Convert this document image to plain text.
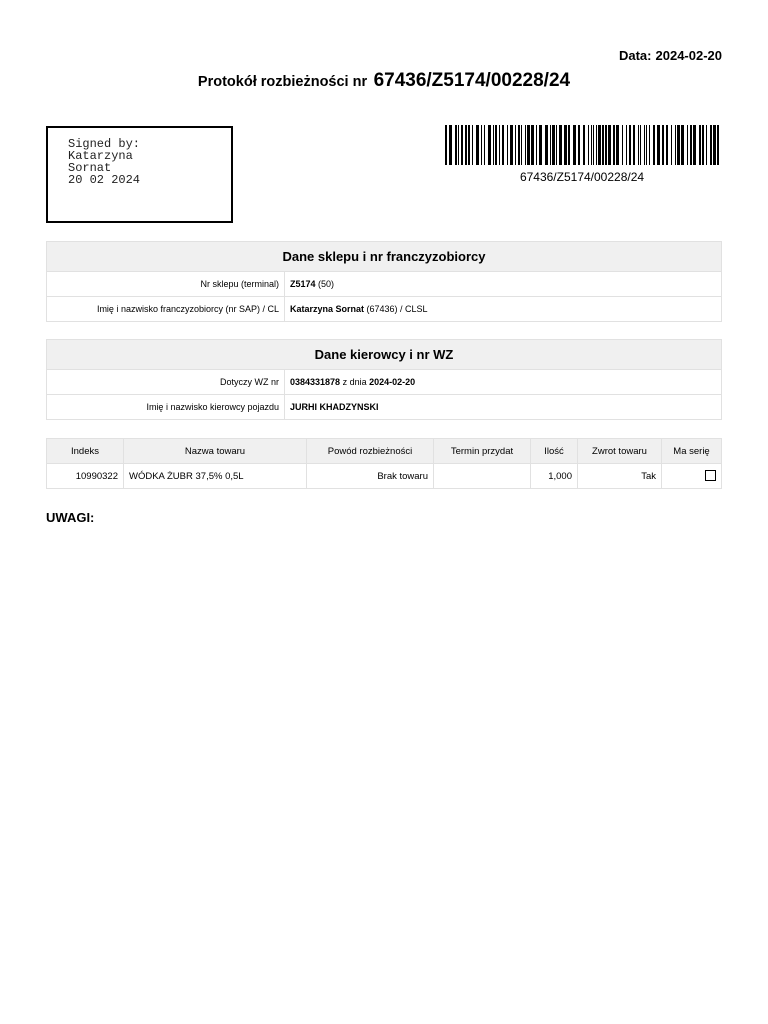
Data: 2024-02-20
Protokół rozbieżności nr 67436/Z5174/00228/24
Signed by:
Katarzyna
Sornat
20 02 2024	67436/Z5174/00228/24
Dane sklepu i nr franczyzobiorcy	
Nr sklepu (terminal)	Z5174 (50)
Imię i nazwisko franczyzobiorcy (nr SAP) / CL	Katarzyna Sornat (67436) / CLSL
Dane kierowcy i nr WZ	
Dotyczy WZ nr	0384331878 z dnia 2024-02-20
Imię i nazwisko kierowcy pojazdu	JURHI KHADZYNSKI
Indeks	Nazwa towaru	Powód rozbieżności	Termin przydat	Ilość	Zwrot towaru	Ma serię
10990322	WÓDKA ŻUBR 37,5% 0,5L	Brak towaru		1,000	Tak	
UWAGI:
